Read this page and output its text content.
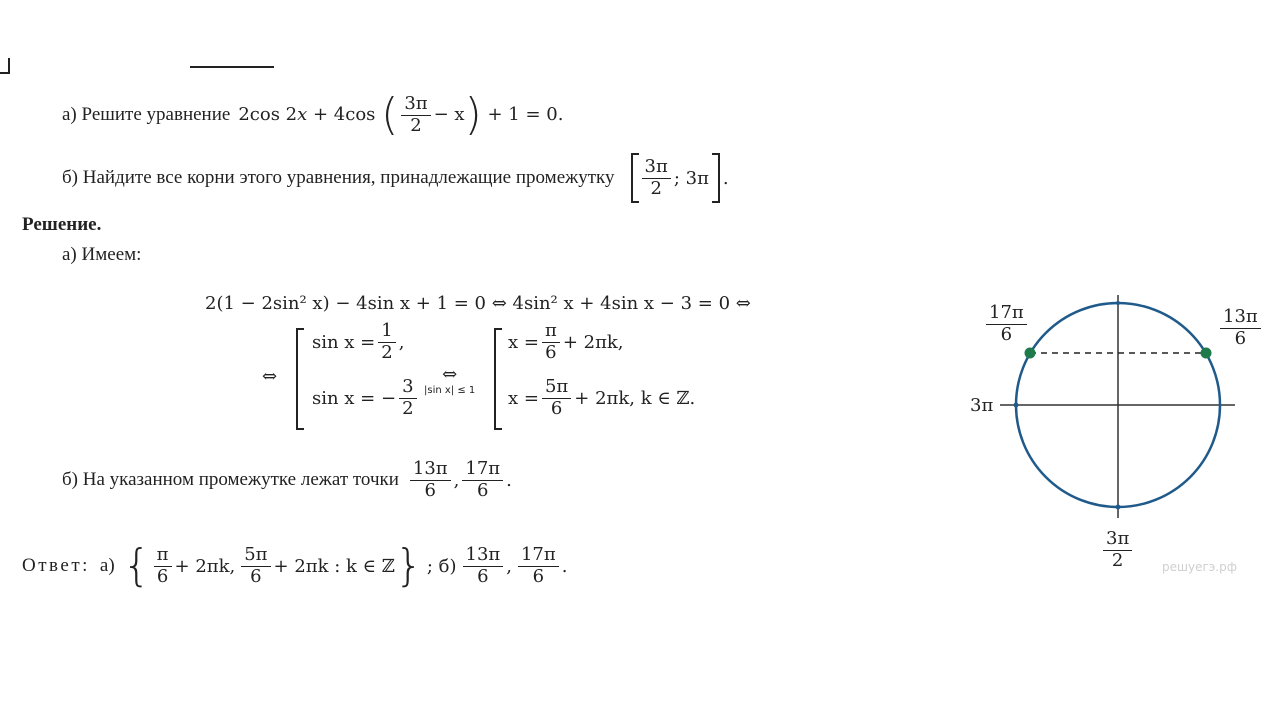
а) Решите уравнение 2cos 2x + 4cos ( $\frac{3\pi}{2} - x) + 1 = 0$.
б) Найдите все корни этого уравнения, принадлежащие промежутку $\frac{3\pi}{2}$ ; 3π .
Решение.
а) Имеем:
2(1 − 2sin² x) − 4sin x + 1 = 0 ⇔ 4sin² x + 4sin x − 3 = 0 ⇔
⇔
$\sin x = \frac{1}{2}$ ,
sin x = − $\frac{3}{2}$
⇔
|sin x| ≤ 1
$x = \frac{\pi}{6} + 2\pi k$,
$x = \frac{5\pi}{6} + 2\pi k$, k ∈ ℤ.
б) На указанном промежутке лежат точки $\frac{13\pi}{6}$ , $\frac{17\pi}{6}$ .
Ответ: а) { $\frac{\pi}{6} + 2\pi k$, $\frac{5\pi}{6} + 2\pi k$ : k ∈ ℤ } ; $б) \frac{13\pi}{6}$ , $\frac{17\pi}{6}$ .
$\frac{17\pi}{6}$	$\frac{13\pi}{6}$
3π
$\frac{3\pi}{2}$ решуегэ.рф
